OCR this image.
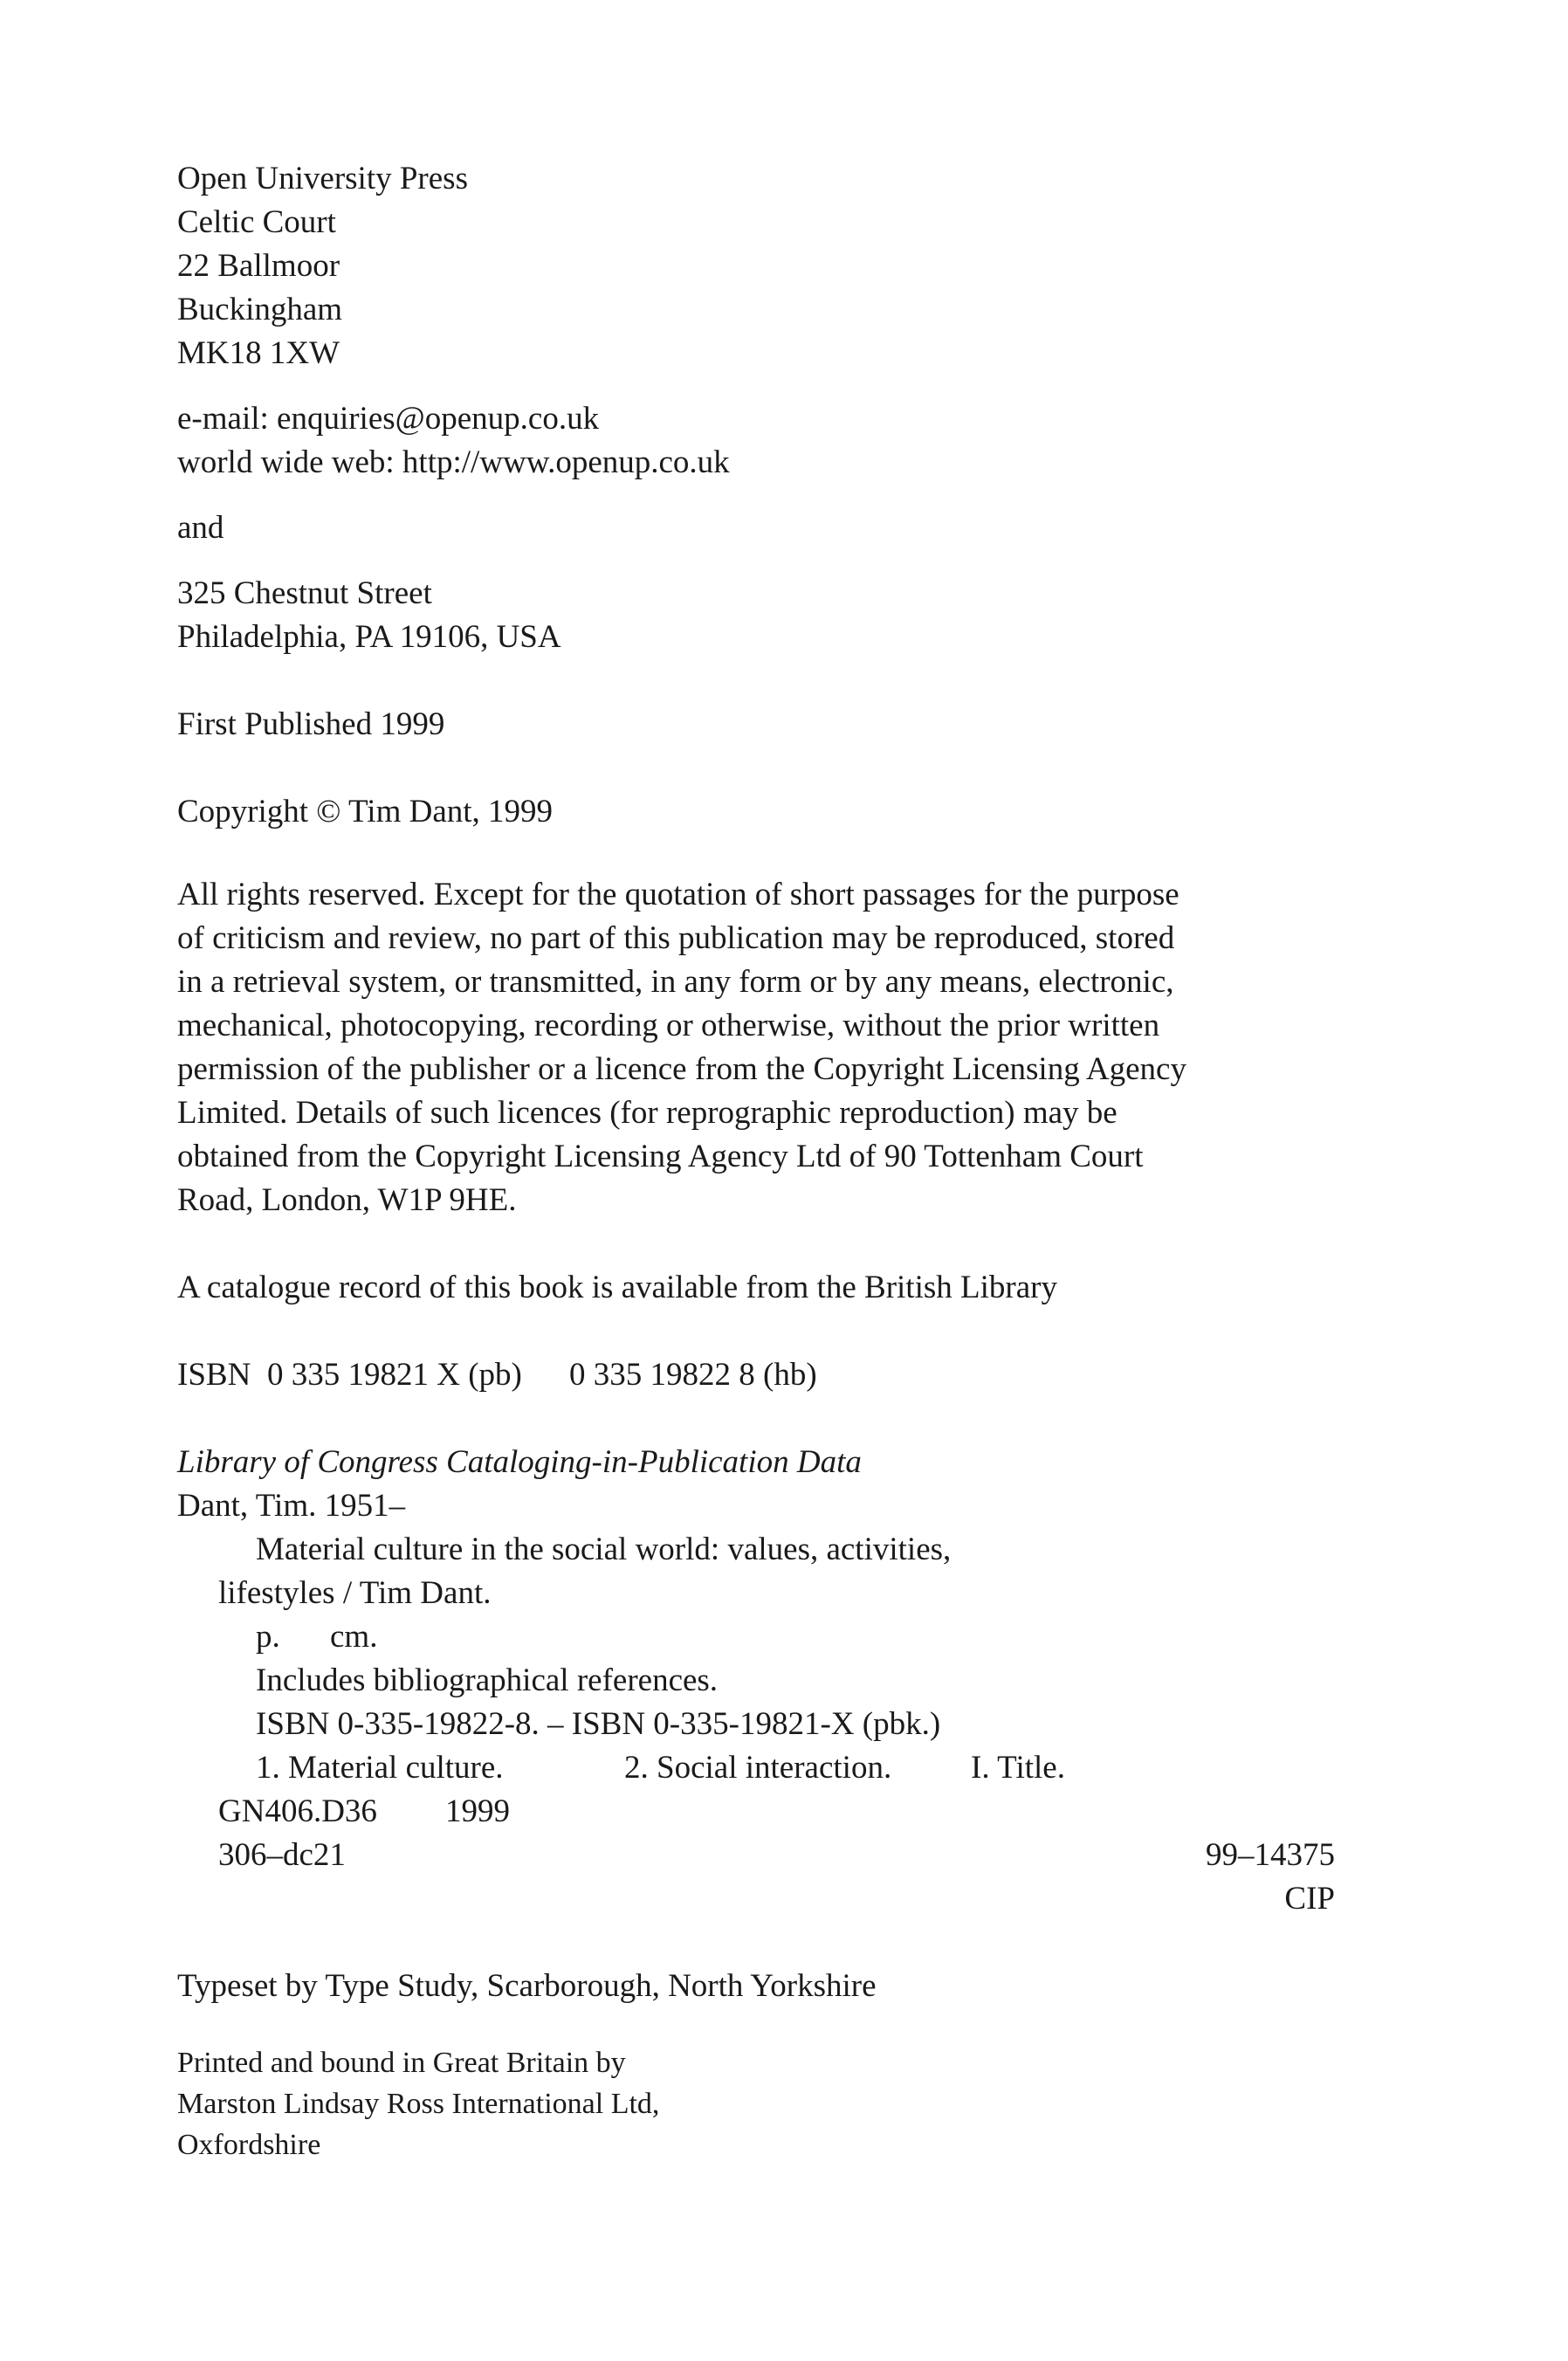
Open University Press
Celtic Court
22 Ballmoor
Buckingham
MK18 1XW
e-mail: enquiries@openup.co.uk
world wide web: http://www.openup.co.uk
and
325 Chestnut Street
Philadelphia, PA 19106, USA
First Published 1999
Copyright © Tim Dant, 1999
All rights reserved. Except for the quotation of short passages for the purpose
of criticism and review, no part of this publication may be reproduced, stored
in a retrieval system, or transmitted, in any form or by any means, electronic,
mechanical, photocopying, recording or otherwise, without the prior written
permission of the publisher or a licence from the Copyright Licensing Agency
Limited. Details of such licences (for reprographic reproduction) may be
obtained from the Copyright Licensing Agency Ltd of 90 Tottenham Court
Road, London, W1P 9HE.
A catalogue record of this book is available from the British Library
ISBN 0 335 19821 X (pb) 0 335 19822 8 (hb)
Library of Congress Cataloging-in-Publication Data
Dant, Tim. 1951–
Material culture in the social world: values, activities,
lifestyles / Tim Dant.
p. cm.
Includes bibliographical references.
ISBN 0-335-19822-8. – ISBN 0-335-19821-X (pbk.)
1. Material culture.	2. Social interaction. I. Title.
GN406.D36 1999
306–dc21	99–14375
CIP
Typeset by Type Study, Scarborough, North Yorkshire
Printed and bound in Great Britain by
Marston Lindsay Ross International Ltd,
Oxfordshire
